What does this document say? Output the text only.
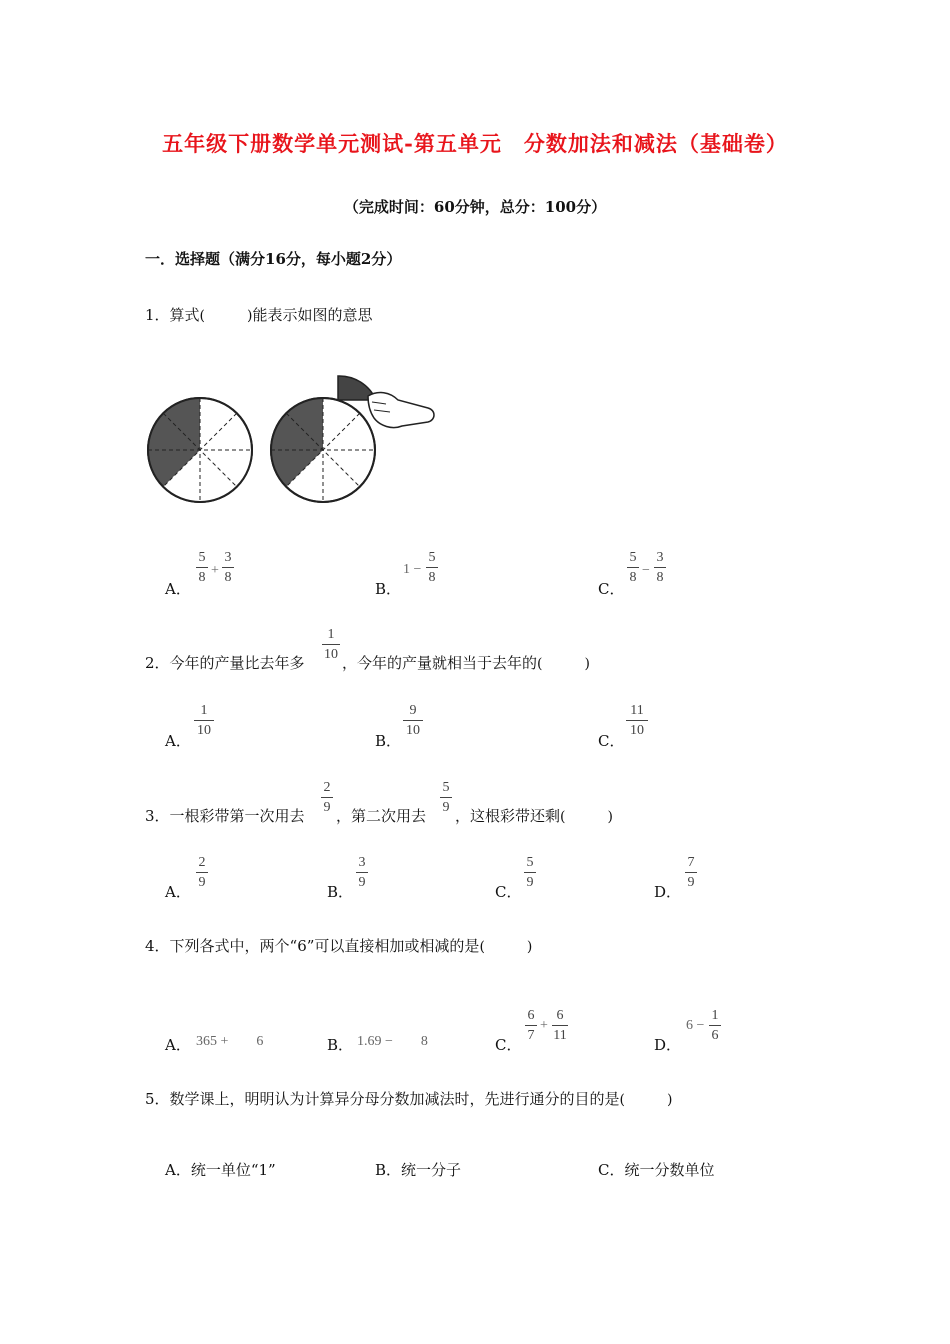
五年级下册数学单元测试-第五单元　分数加法和减法（基础卷）
（完成时间：60分钟，总分：100分）
一．选择题（满分16分，每小题2分）
1．算式(　　　)能表示如图的意思
A．
5
8 +
3
8
B．
1 −
5
8
C．
5
8 −
3
8
2．今年的产量比去年多
1
10 ，今年的产量就相当于去年的(　　　)
A．
1
10
B．
9
10
C．
11
10
3．一根彩带第一次用去
2
9 ，第二次用去
5
9 ，这根彩带还剩(　　　)
A．
2
9
B．
3
9
C．
5
9
D．
7
9
4．下列各式中，两个“6”可以直接相加或相减的是(　　　)
A． 365 +　　6	B． 1.69 −　　8	C．
6
7
+
6
11
D．
6 −
1
6
5．数学课上，明明认为计算异分母分数加减法时，先进行通分的目的是(　　　)
A．统一单位“1”	B．统一分子	C．统一分数单位
